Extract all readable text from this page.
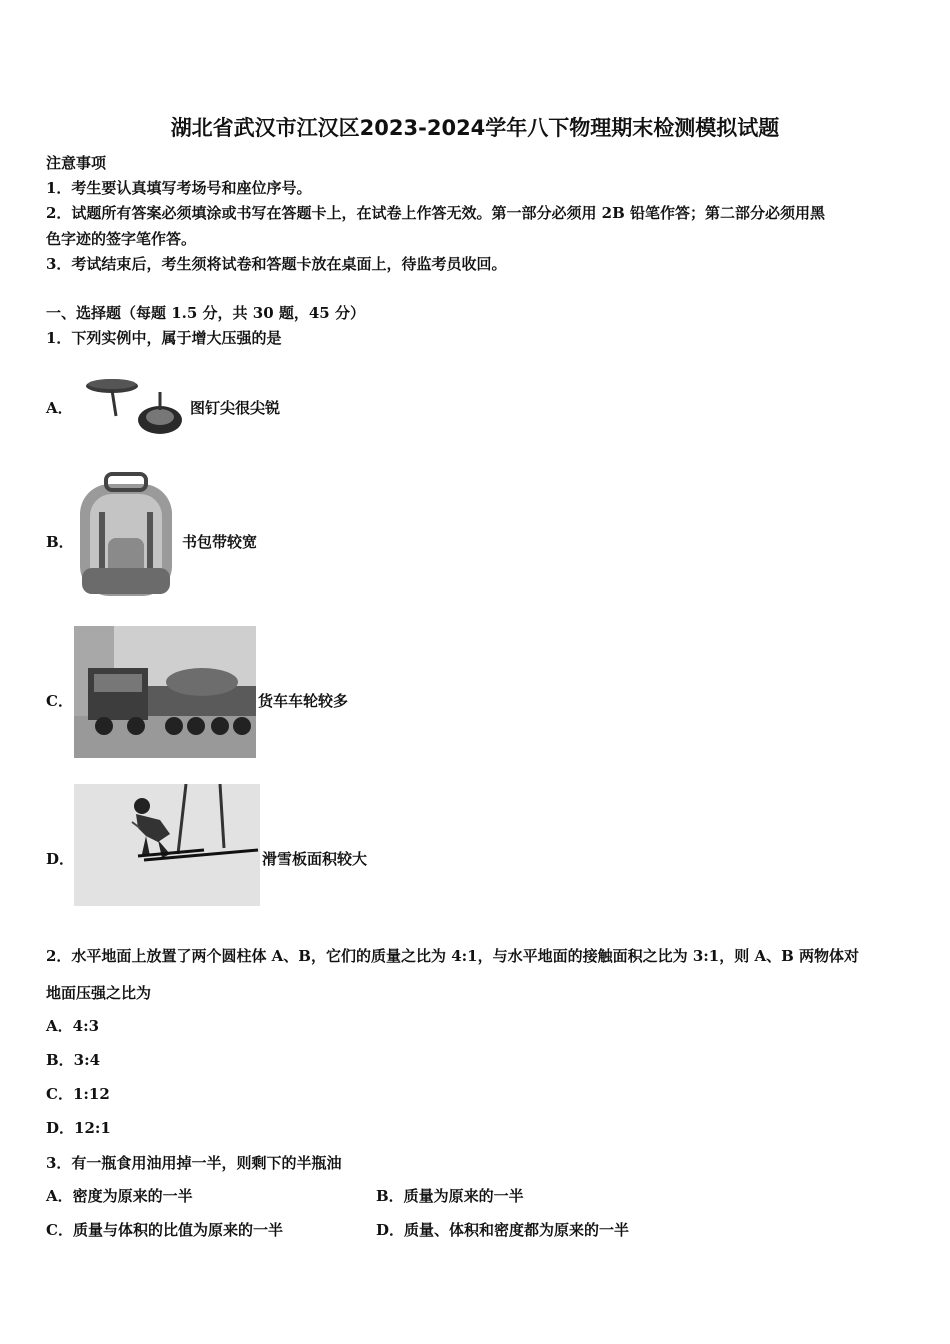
湖北省武汉市江汉区2023-2024学年八下物理期末检测模拟试题
注意事项
1．考生要认真填写考场号和座位序号。
2．试题所有答案必须填涂或书写在答题卡上，在试卷上作答无效。第一部分必须用 2B 铅笔作答；第二部分必须用黑
色字迹的签字笔作答。
3．考试结束后，考生须将试卷和答题卡放在桌面上，待监考员收回。
一、选择题（每题 1.5 分，共 30 题，45 分）
1．下列实例中，属于增大压强的是
A．	图钉尖很尖锐
B．	书包带较宽
C．	货车车轮较多
D．	滑雪板面积较大
2．水平地面上放置了两个圆柱体 A、B，它们的质量之比为 4:1，与水平地面的接触面积之比为 3:1，则 A、B 两物体对
地面压强之比为
A．4:3
B．3:4
C．1:12
D．12:1
3．有一瓶食用油用掉一半，则剩下的半瓶油
A．密度为原来的一半	B．质量为原来的一半
C．质量与体积的比值为原来的一半	D．质量、体积和密度都为原来的一半
